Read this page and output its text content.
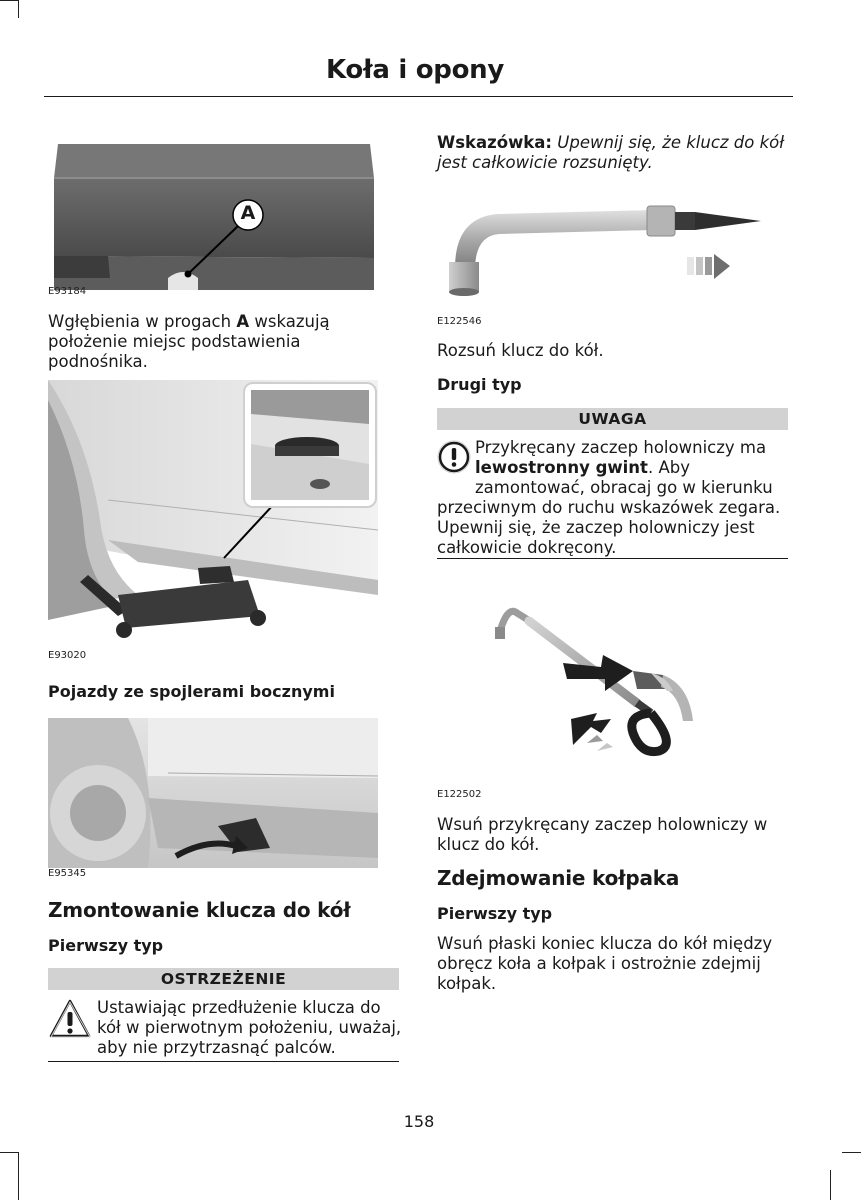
Koła i opony
A
E93184
Wgłębienia w progach A wskazują położenie miejsc podstawienia podnośnika.
E93020
Pojazdy ze spojlerami bocznymi
E95345
Zmontowanie klucza do kół
Pierwszy typ
OSTRZEŻENIE
Ustawiając przedłużenie klucza do kół w pierwotnym położeniu, uważaj, aby nie przytrzasnąć palców.
Wskazówka: Upewnij się, że klucz do kół jest całkowicie rozsunięty.
E122546
Rozsuń klucz do kół.
Drugi typ
UWAGA
Przykręcany zaczep holowniczy ma lewostronny gwint. Aby zamontować, obracaj go w kierunku przeciwnym do ruchu wskazówek zegara. Upewnij się, że zaczep holowniczy jest całkowicie dokręcony.
E122502
Wsuń przykręcany zaczep holowniczy w klucz do kół.
Zdejmowanie kołpaka
Pierwszy typ
Wsuń płaski koniec klucza do kół między obręcz koła a kołpak i ostrożnie zdejmij kołpak.
158
